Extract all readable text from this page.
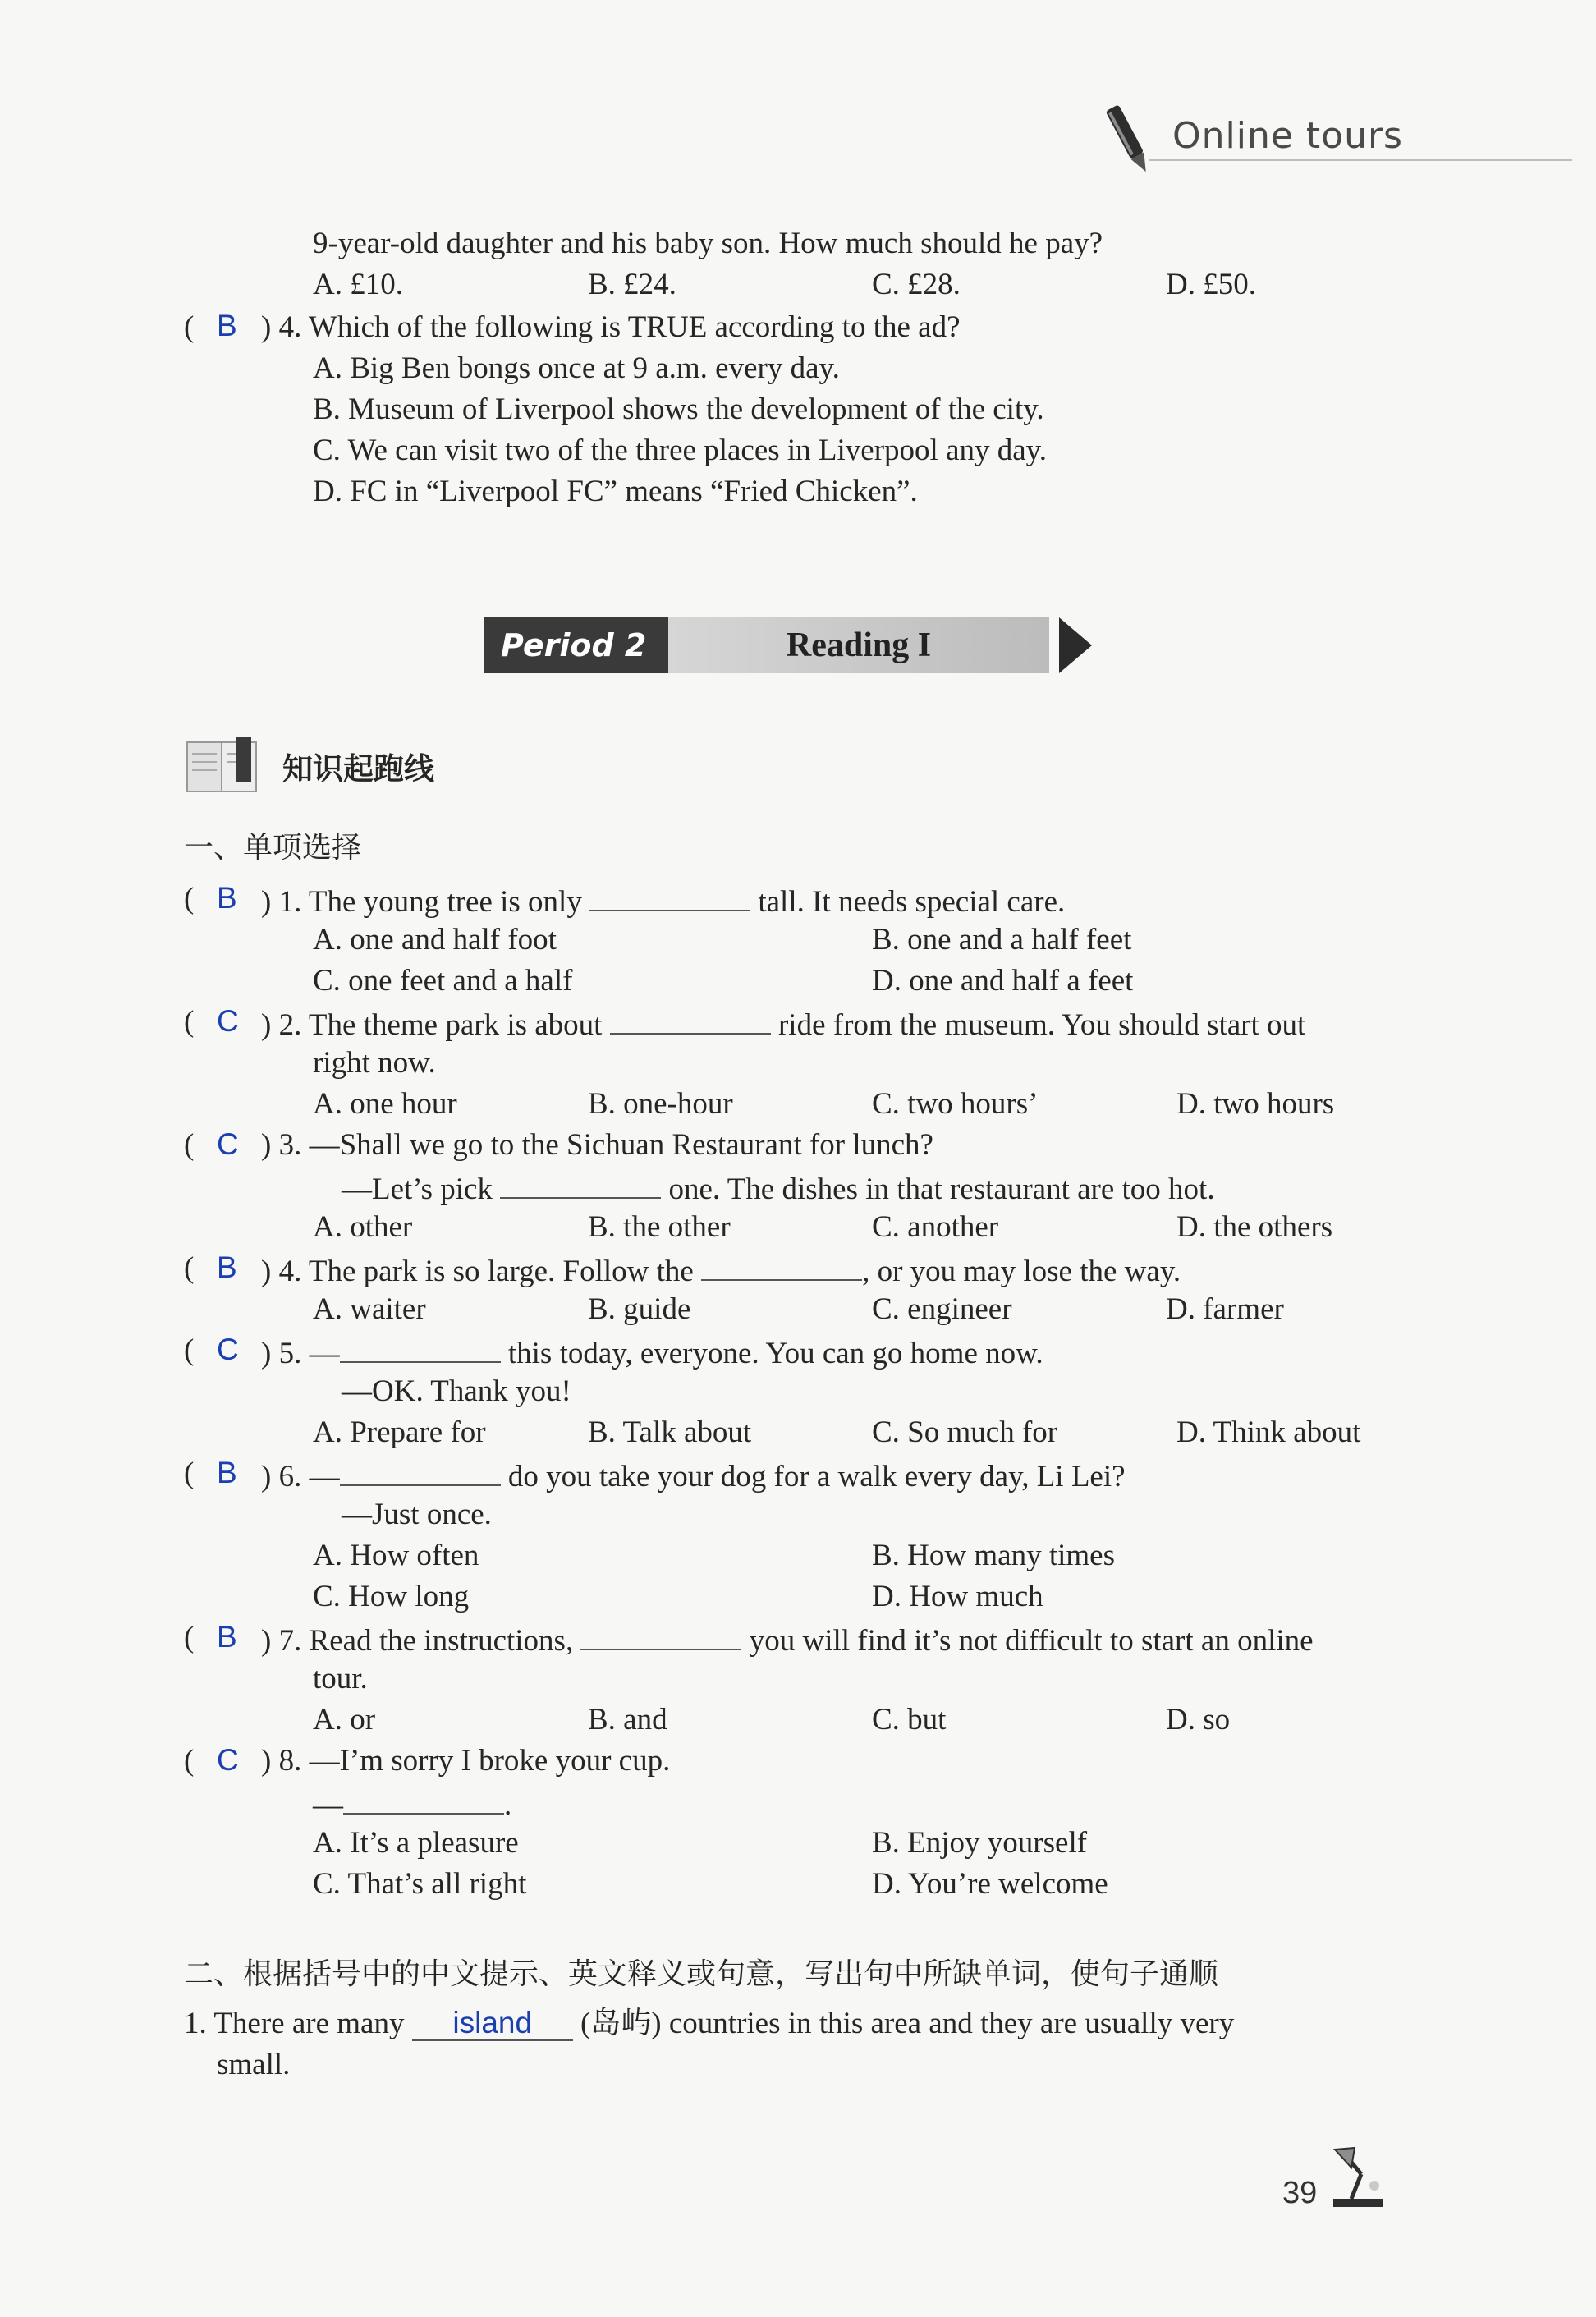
Online tours
9-year-old daughter and his baby son. How much should he pay?
A. £10.	B. £24.	C. £28.	D. £50.
( B ) 4. Which of the following is TRUE according to the ad?
A. Big Ben bongs once at 9 a.m. every day.
B. Museum of Liverpool shows the development of the city.
C. We can visit two of the three places in Liverpool any day.
D. FC in “Liverpool FC” means “Fried Chicken”.
Period 2	Reading I
知识起跑线
一、单项选择
( B ) 1. The young tree is only	tall. It needs special care.
A. one and half foot	B. one and a half feet
C. one feet and a half	D. one and half a feet
( C ) 2. The theme park is about	ride from the museum. You should start out
right now.
A. one hour	B. one-hour	C. two hours’	D. two hours
( C ) 3. —Shall we go to the Sichuan Restaurant for lunch?
—Let’s pick	one. The dishes in that restaurant are too hot.
A. other	B. the other	C. another	D. the others
( B ) 4. The park is so large. Follow the	, or you may lose the way.
A. waiter	B. guide	C. engineer	D. farmer
( C ) 5. —	this today, everyone. You can go home now.
—OK. Thank you!
A. Prepare for	B. Talk about	C. So much for	D. Think about
( B ) 6. —	do you take your dog for a walk every day, Li Lei?
—Just once.
A. How often	B. How many times
C. How long	D. How much
( B ) 7. Read the instructions,	you will find it’s not difficult to start an online
tour.
A. or	B. and	C. but	D. so
( C ) 8. —I’m sorry I broke your cup.
—	.
A. It’s a pleasure	B. Enjoy yourself
C. That’s all right	D. You’re welcome
二、根据括号中的中文提示、英文释义或句意，写出句中所缺单词，使句子通顺
1. There are many island (岛屿) countries in this area and they are usually very
small.
39
